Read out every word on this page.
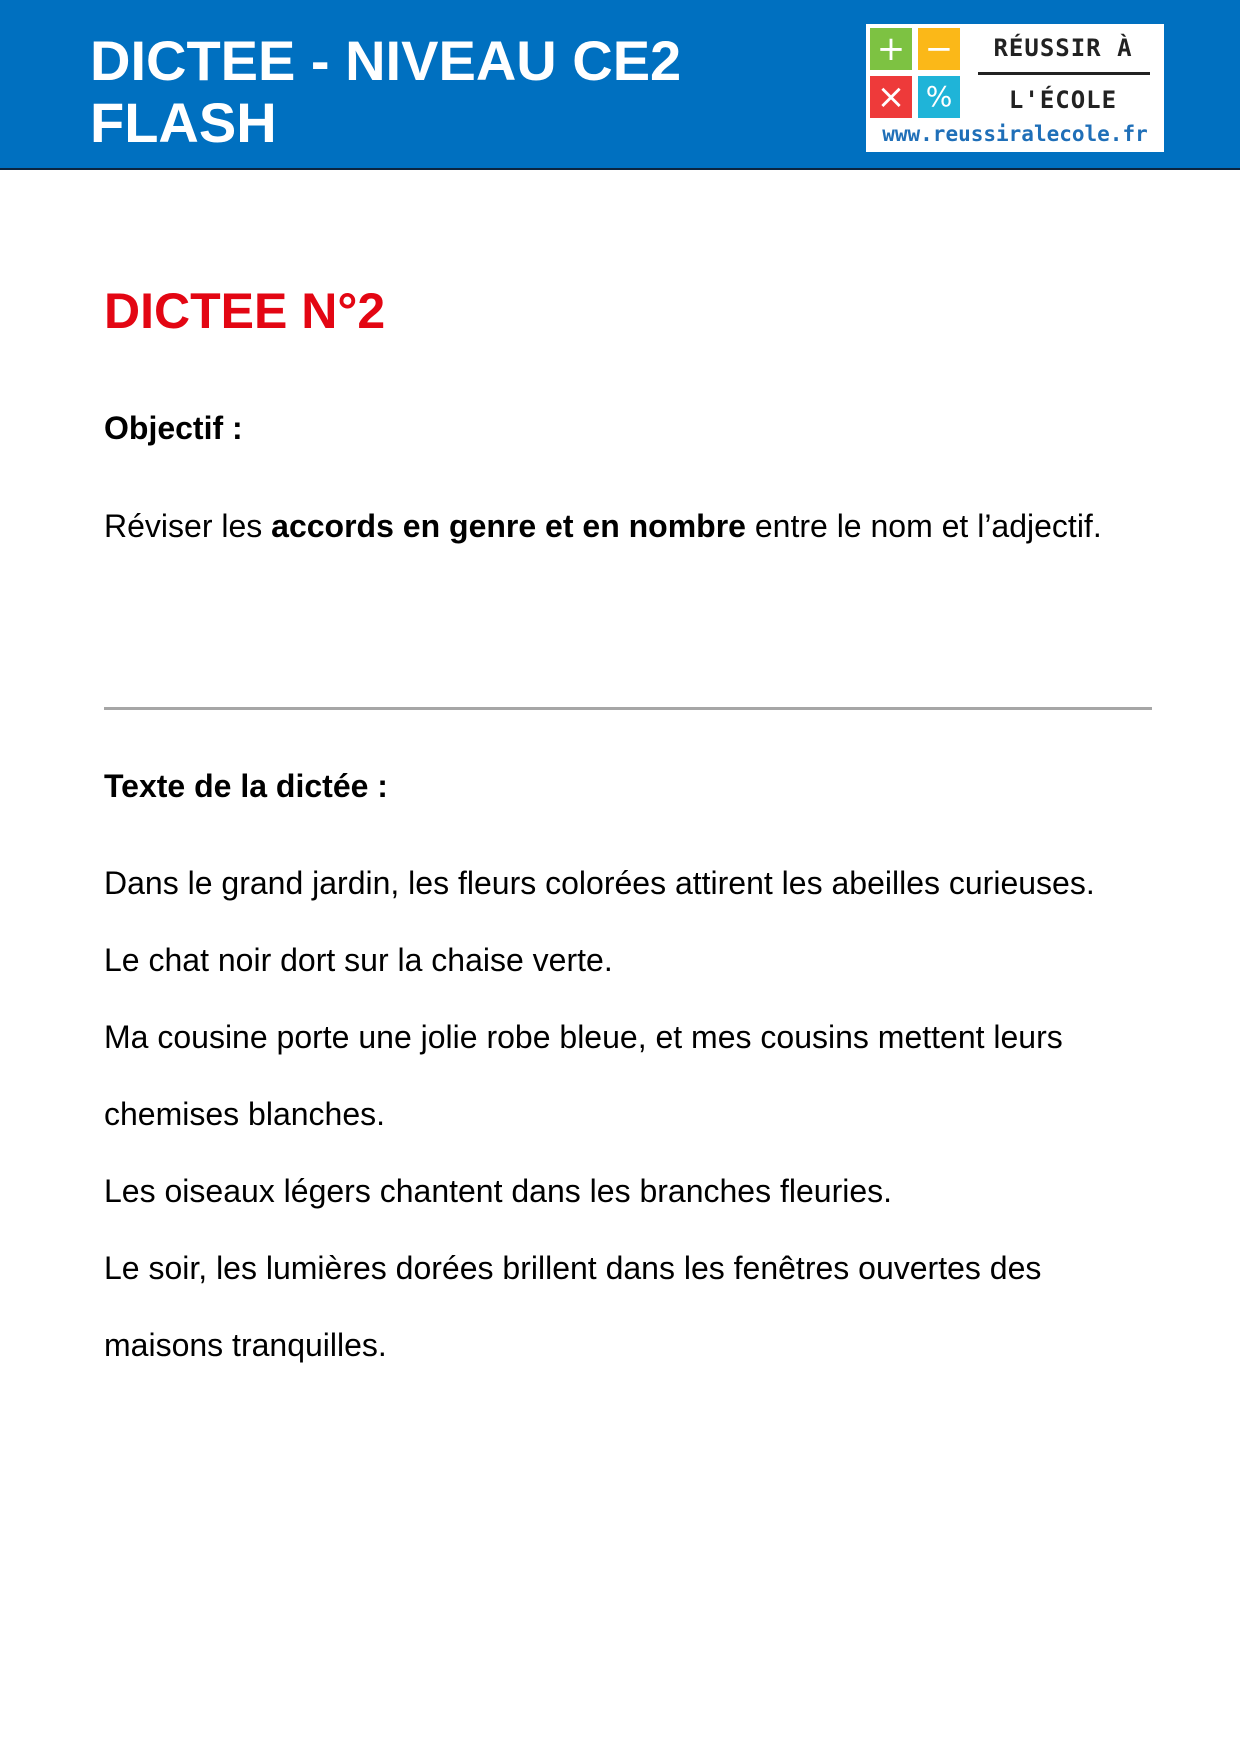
DICTEE - NIVEAU CE2
FLASH
+ −
× %
RÉUSSIR À
L'ÉCOLE
www.reussiralecole.fr
DICTEE N°2
Objectif :

Réviser les accords en genre et en nombre entre le nom et l’adjectif.

Texte de la dictée :

Dans le grand jardin, les fleurs colorées attirent les abeilles curieuses.

Le chat noir dort sur la chaise verte.

Ma cousine porte une jolie robe bleue, et mes cousins mettent leurs chemises blanches.

Les oiseaux légers chantent dans les branches fleuries.

Le soir, les lumières dorées brillent dans les fenêtres ouvertes des maisons tranquilles.
